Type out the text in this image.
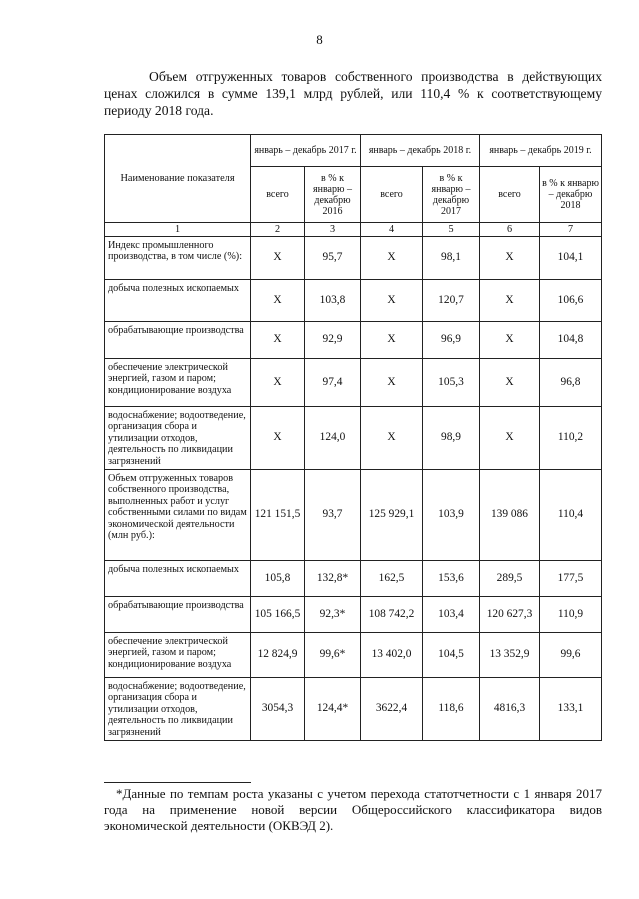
8

Объем отгруженных товаров собственного производства в действующих ценах сложился в сумме 139,1 млрд рублей, или 110,4 % к соответствующему периоду 2018 года.

Наименование показателя	январь – декабрь 2017 г.		январь – декабрь 2018 г.		январь – декабрь 2019 г.	
	всего	в % к январю – декабрю 2016	всего	в % к январю – декабрю 2017	всего	в % к январю – декабрю 2018
1	2	3	4	5	6	7
Индекс промышленного производства, в том числе (%):	Х	95,7	Х	98,1	Х	104,1
добыча полезных ископаемых	Х	103,8	Х	120,7	Х	106,6
обрабатывающие производства	Х	92,9	Х	96,9	Х	104,8
обеспечение электрической энергией, газом и паром; кондиционирование воздуха	Х	97,4	Х	105,3	Х	96,8
водоснабжение; водоотведение, организация сбора и утилизации отходов, деятельность по ликвидации загрязнений	Х	124,0	Х	98,9	Х	110,2
Объем отгруженных товаров собственного производства, выполненных работ и услуг собственными силами по видам экономической деятельности (млн руб.):	121 151,5	93,7	125 929,1	103,9	139 086	110,4
добыча полезных ископаемых	105,8	132,8*	162,5	153,6	289,5	177,5
обрабатывающие производства	105 166,5	92,3*	108 742,2	103,4	120 627,3	110,9
обеспечение электрической энергией, газом и паром; кондиционирование воздуха	12 824,9	99,6*	13 402,0	104,5	13 352,9	99,6
водоснабжение; водоотведение, организация сбора и утилизации отходов, деятельность по ликвидации загрязнений	3054,3	124,4*	3622,4	118,6	4816,3	133,1

*Данные по темпам роста указаны с учетом перехода статотчетности с 1 января 2017 года на применение новой версии Общероссийского классификатора видов экономической деятельности (ОКВЭД 2).
